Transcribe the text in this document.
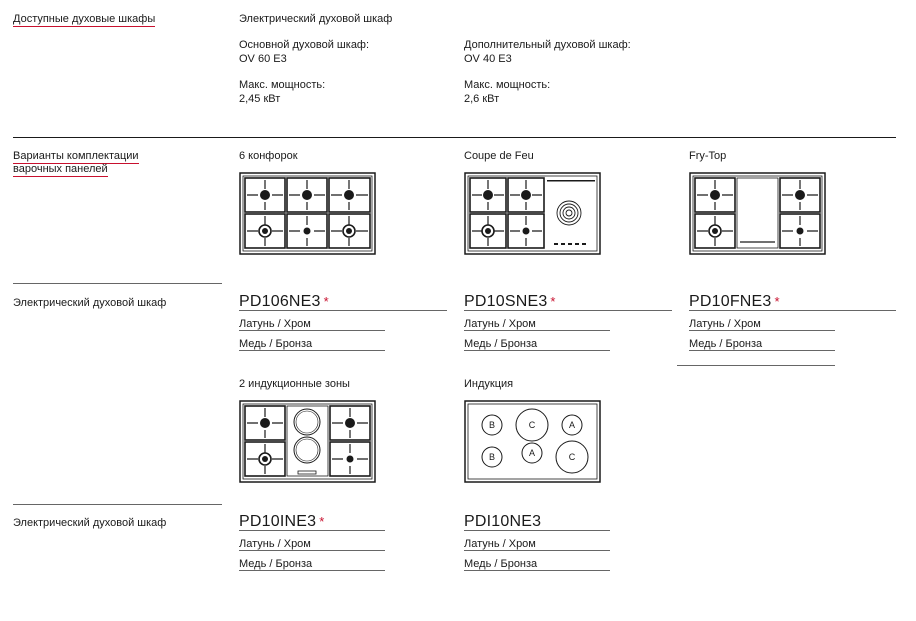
Доступные духовые шкафы	Электрический духовой шкаф
Основной духовой шкаф:
OV 60 E3
Макс. мощность:
2,45 кВт
Дополнительный духовой шкаф:
OV 40 E3
Макс. мощность:
2,6 кВт
Варианты комплектации
варочных панелей
6 конфорок	Coupe de Feu	Fry-Top
Электрический духовой шкаф	PD106NE3 *
Латунь / Хром
Медь / Бронза
PD10SNE3 *
Латунь / Хром
Медь / Бронза
PD10FNE3 *
Латунь / Хром
Медь / Бронза
2 индукционные зоны	Индукция
B	C	A
B	A	C
Электрический духовой шкаф	PD10INE3 *
Латунь / Хром
Медь / Бронза
PDI10NE3
Латунь / Хром
Медь / Бронза
